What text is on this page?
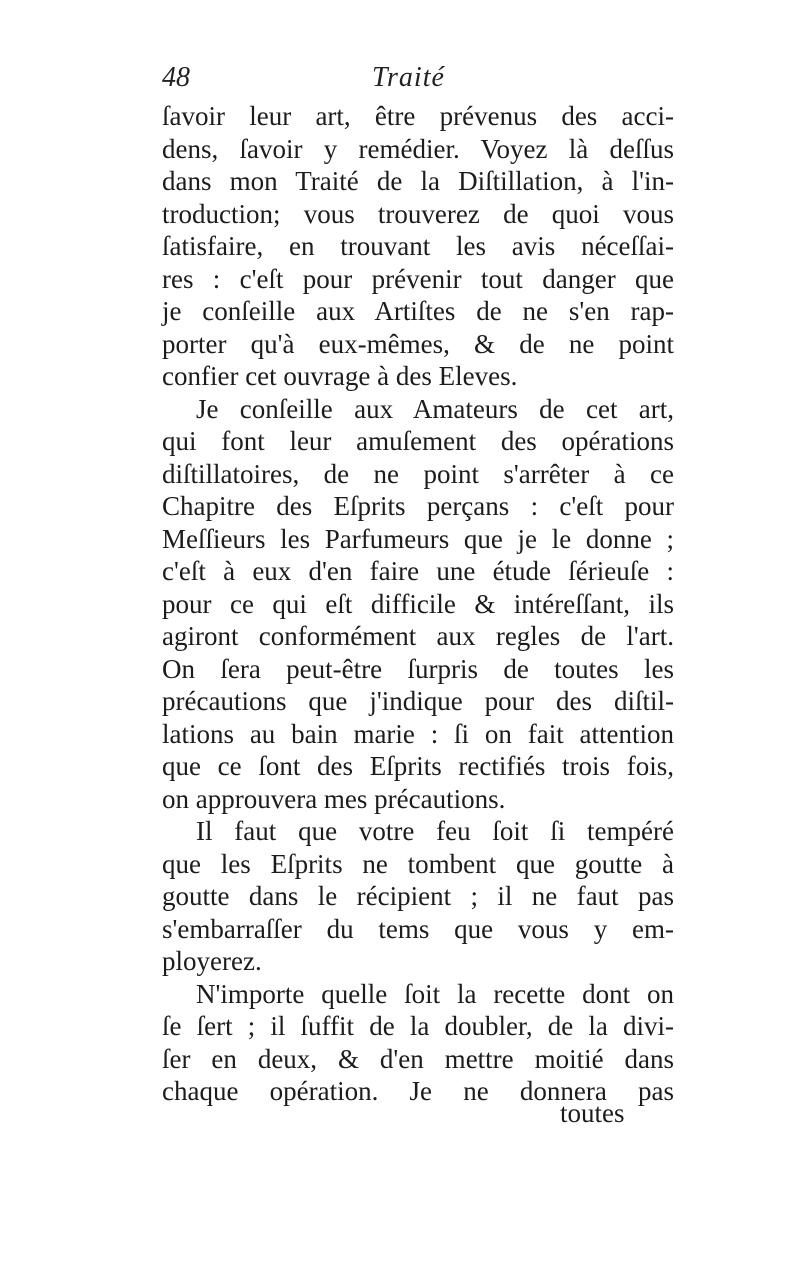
48	Traité
ſavoir leur art, être prévenus des acci-
dens, ſavoir y remédier. Voyez là deſſus
dans mon Traité de la Diſtillation, à l'in-
troduction; vous trouverez de quoi vous
ſatisfaire, en trouvant les avis néceſſai-
res : c'eſt pour prévenir tout danger que
je conſeille aux Artiſtes de ne s'en rap-
porter qu'à eux-mêmes, & de ne point
confier cet ouvrage à des Eleves.
Je conſeille aux Amateurs de cet art,
qui font leur amuſement des opérations
diſtillatoires, de ne point s'arrêter à ce
Chapitre des Eſprits perçans : c'eſt pour
Meſſieurs les Parfumeurs que je le donne ;
c'eſt à eux d'en faire une étude ſérieuſe :
pour ce qui eſt difficile & intéreſſant, ils
agiront conformément aux regles de l'art.
On ſera peut-être ſurpris de toutes les
précautions que j'indique pour des diſtil-
lations au bain marie : ſi on fait attention
que ce ſont des Eſprits rectifiés trois fois,
on approuvera mes précautions.
Il faut que votre feu ſoit ſi tempéré
que les Eſprits ne tombent que goutte à
goutte dans le récipient ; il ne faut pas
s'embarraſſer du tems que vous y em-
ployerez.
N'importe quelle ſoit la recette dont on
ſe ſert ; il ſuffit de la doubler, de la divi-
ſer en deux, & d'en mettre moitié dans
chaque opération. Je ne donnera pas
toutes
